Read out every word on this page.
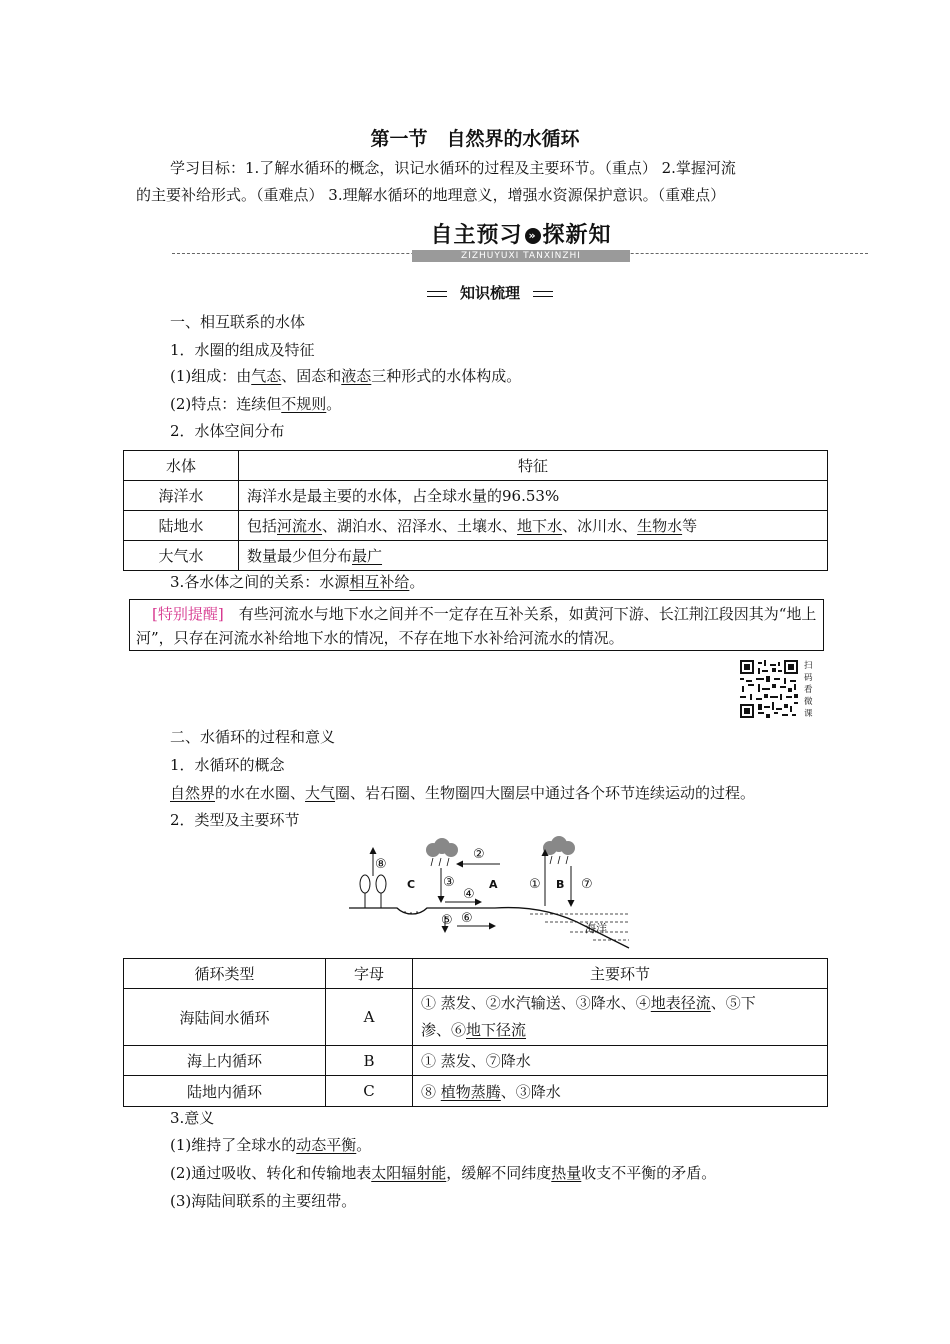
第一节　自然界的水循环
学习目标：1.了解水循环的概念，识记水循环的过程及主要环节。（重点） 2.掌握河流
的主要补给形式。（重难点） 3.理解水循环的地理意义，增强水资源保护意识。（重难点）
自主预习 » 探新知
ZIZHUYUXI TANXINZHI
知识梳理
一、相互联系的水体
1．水圈的组成及特征
(1)组成：由气态、固态和液态三种形式的水体构成。
(2)特点：连续但不规则。
2．水体空间分布
水体	特征
海洋水	海洋水是最主要的水体，占全球水量的96.53%
陆地水	包括河流水、湖泊水、沼泽水、土壤水、地下水、冰川水、生物水等
大气水	数量最少但分布最广
3.各水体之间的关系：水源相互补给。
[特别提醒]　有些河流水与地下水之间并不一定存在互补关系，如黄河下游、长江荆江段因其为“地上河”，只存在河流水补给地下水的情况，不存在地下水补给河流水的情况。
扫
码
看
微
课
二、水循环的过程和意义
1．水循环的概念
自然界的水在水圈、大气圈、岩石圈、生物圈四大圈层中通过各个环节连续运动的过程。
2．类型及主要环节
⑧
C ③
②
A
④
⑤ ⑥
① B ⑦
海洋
循环类型	字母	主要环节
海陆间水循环	A	① 蒸发、②水汽输送、③降水、④地表径流、⑤下
渗、⑥地下径流

海上内循环	B	① 蒸发、⑦降水
陆地内循环	C	⑧ 植物蒸腾、③降水
3.意义
(1)维持了全球水的动态平衡。
(2)通过吸收、转化和传输地表太阳辐射能，缓解不同纬度热量收支不平衡的矛盾。
(3)海陆间联系的主要纽带。
